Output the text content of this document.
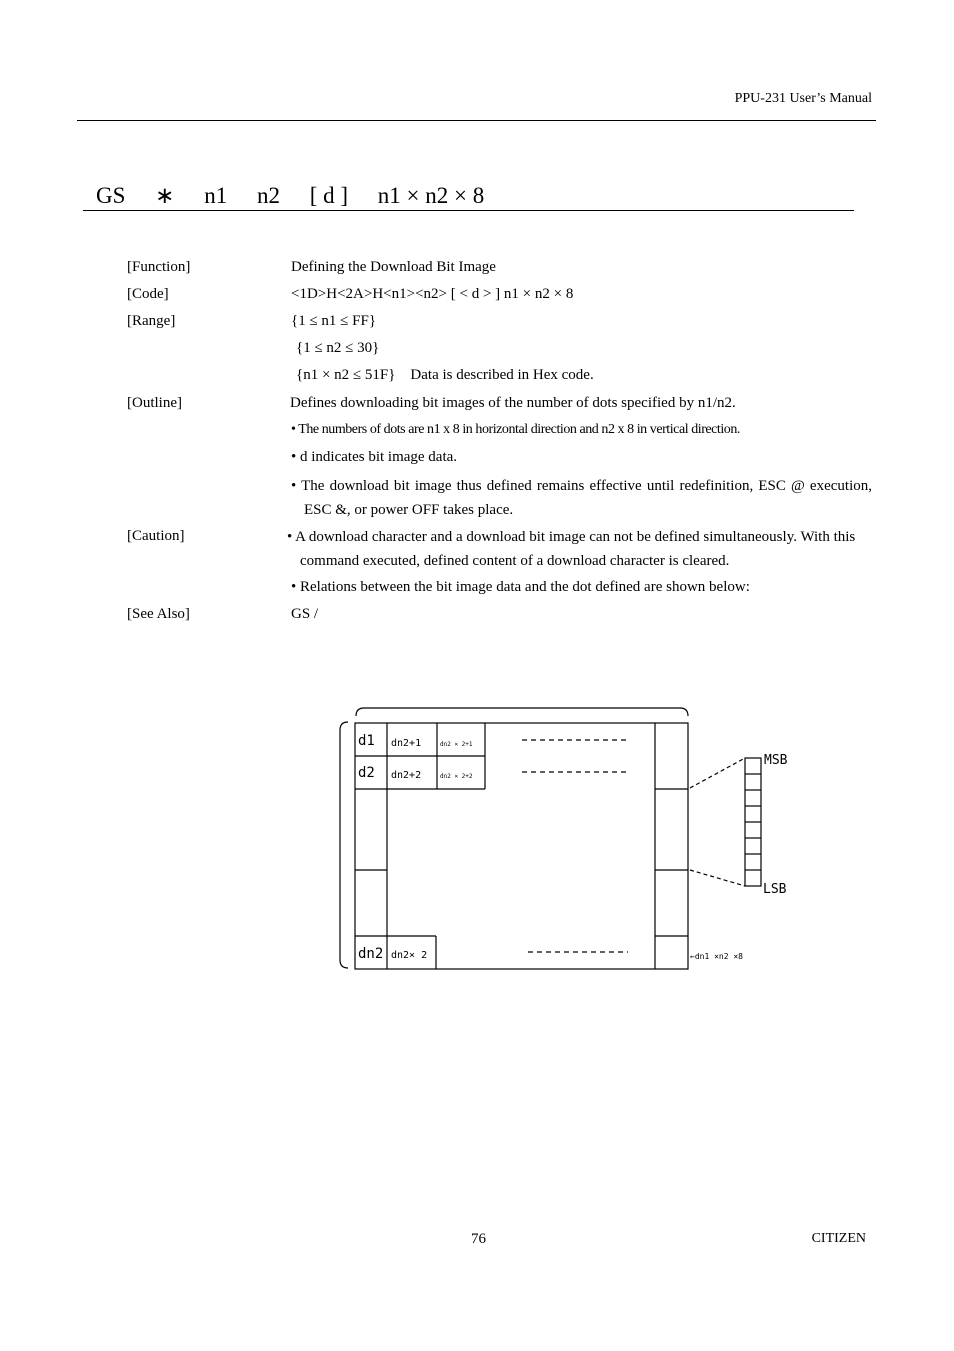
PPU-231 User’s Manual
GS ∗ n1 n2 [ d ] n1 × n2 × 8
[Function]	Defining the Download Bit Image
[Code]	<1D>H<2A>H<n1><n2> [ < d > ] n1 × n2 × 8
[Range]	{1 ≤ n1 ≤ FF}
{1 ≤ n2 ≤ 30}
{n1 × n2 ≤ 51F}    Data is described in Hex code.
[Outline]	Defines downloading bit images of the number of dots specified by n1/n2.
• The numbers of dots are n1 x 8 in horizontal direction and n2 x 8 in vertical direction.
• d indicates bit image data.
• The download bit image thus defined remains effective until redefinition, ESC @ execution, ESC &, or power OFF takes place.
[Caution]	• A download character and a download bit image can not be defined simultaneously. With this command executed, defined content of a download character is cleared.
• Relations between the bit image data and the dot defined are shown below:
[See Also]	GS /
d1
d2
dn2
dn2+1
dn2+2
dn2× 2
dn2 × 2+1
dn2 × 2+2
MSB
LSB
←dn1 ×n2 ×8
76	CITIZEN
